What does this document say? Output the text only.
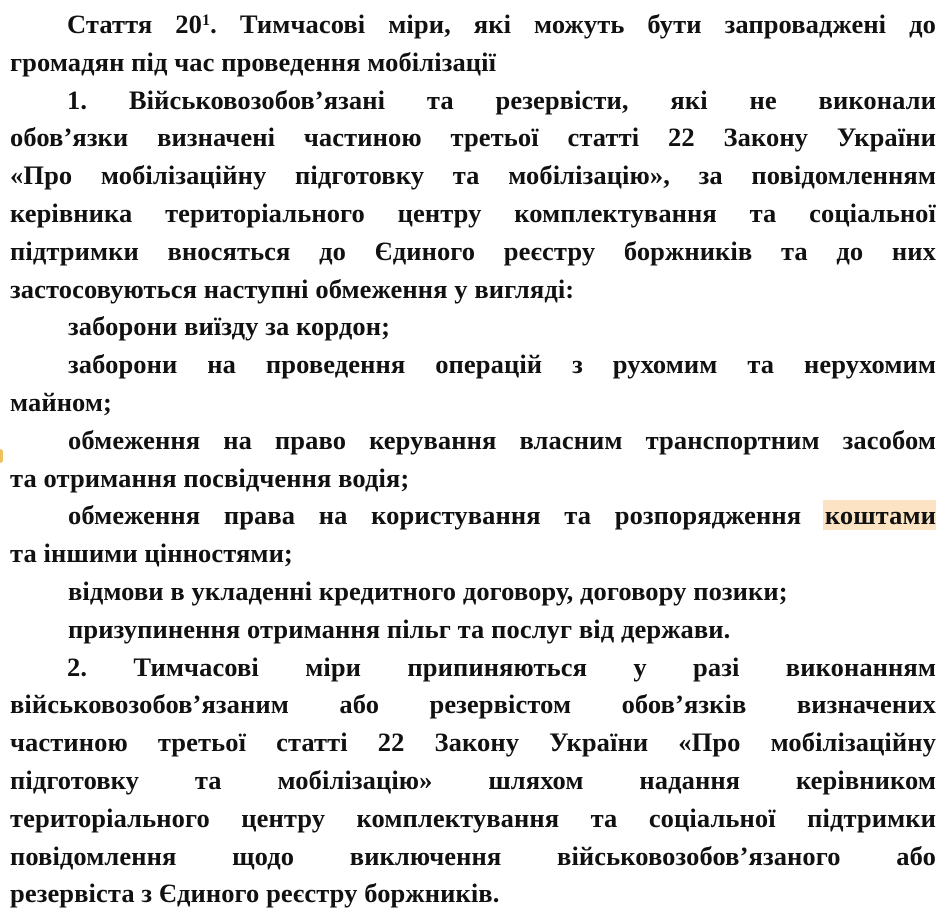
Стаття $20^1$. Тимчасові міри, які можуть бути запроваджені до
громадян під час проведення мобілізації
1. Військовозобов’язані та резервісти, які не виконали
обов’язки визначені частиною третьої статті 22 Закону України
«Про мобілізаційну підготовку та мобілізацію», за повідомленням
керівника територіального центру комплектування та соціальної
підтримки вносяться до Єдиного реєстру боржників та до них
застосовуються наступні обмеження у вигляді:
заборони виїзду за кордон;
заборони на проведення операцій з рухомим та нерухомим
майном;
обмеження на право керування власним транспортним засобом
та отримання посвідчення водія;
обмеження права на користування та розпорядження коштами
та іншими цінностями;
відмови в укладенні кредитного договору, договору позики;
призупинення отримання пільг та послуг від держави.
2. Тимчасові міри припиняються у разі виконанням
військовозобов’язаним або резервістом обов’язків визначених
частиною третьої статті 22 Закону України «Про мобілізаційну
підготовку та мобілізацію» шляхом надання керівником
територіального центру комплектування та соціальної підтримки
повідомлення щодо виключення військовозобов’язаного або
резервіста з Єдиного реєстру боржників.
